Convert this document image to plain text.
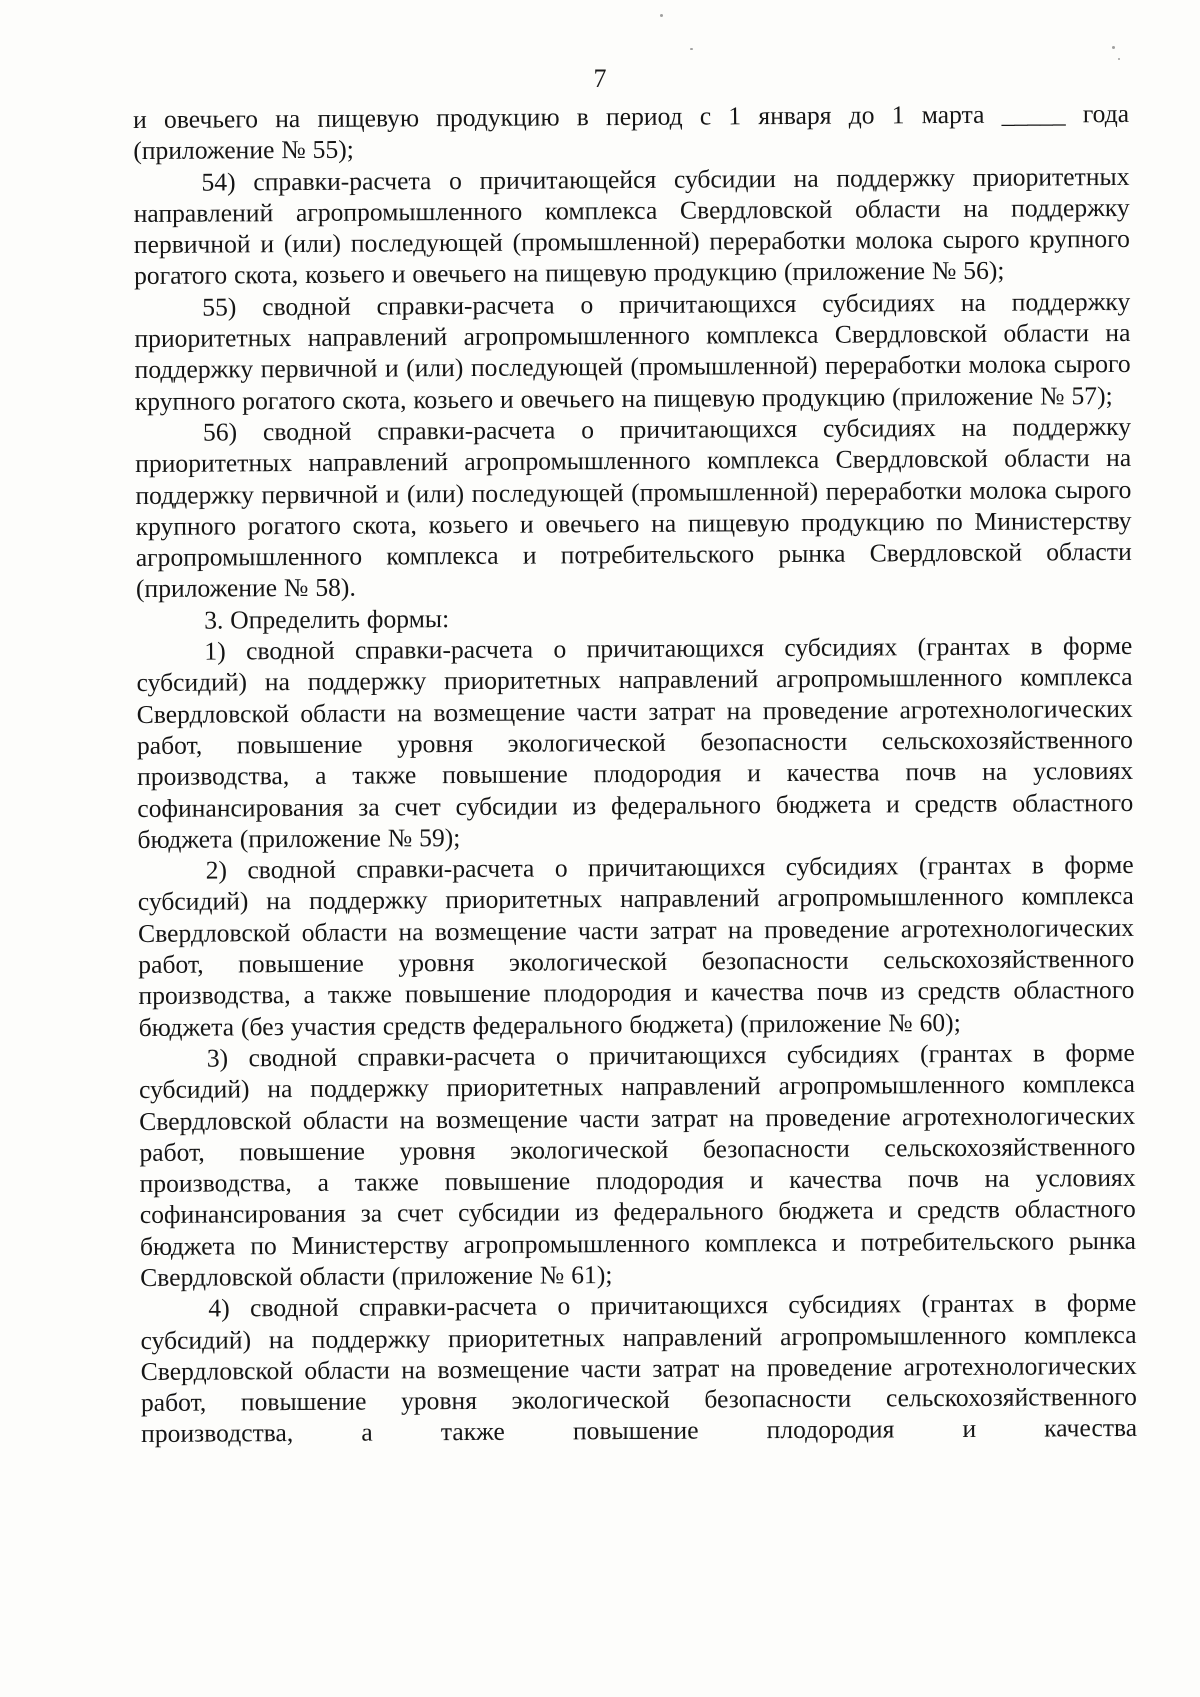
7

и овечьего на пищевую продукцию в период с 1 января до 1 марта _____ года (приложение № 55);

54) справки-расчета о причитающейся субсидии на поддержку приоритетных направлений агропромышленного комплекса Свердловской области на поддержку первичной и (или) последующей (промышленной) переработки молока сырого крупного рогатого скота, козьего и овечьего на пищевую продукцию (приложение № 56);

55) сводной справки-расчета о причитающихся субсидиях на поддержку приоритетных направлений агропромышленного комплекса Свердловской области на поддержку первичной и (или) последующей (промышленной) переработки молока сырого крупного рогатого скота, козьего и овечьего на пищевую продукцию (приложение № 57);

56) сводной справки-расчета о причитающихся субсидиях на поддержку приоритетных направлений агропромышленного комплекса Свердловской области на поддержку первичной и (или) последующей (промышленной) переработки молока сырого крупного рогатого скота, козьего и овечьего на пищевую продукцию по Министерству агропромышленного комплекса и потребительского рынка Свердловской области (приложение № 58).

3. Определить формы:

1) сводной справки-расчета о причитающихся субсидиях (грантах в форме субсидий) на поддержку приоритетных направлений агропромышленного комплекса Свердловской области на возмещение части затрат на проведение агротехнологических работ, повышение уровня экологической безопасности сельскохозяйственного производства, а также повышение плодородия и качества почв на условиях софинансирования за счет субсидии из федерального бюджета и средств областного бюджета (приложение № 59);

2) сводной справки-расчета о причитающихся субсидиях (грантах в форме субсидий) на поддержку приоритетных направлений агропромышленного комплекса Свердловской области на возмещение части затрат на проведение агротехнологических работ, повышение уровня экологической безопасности сельскохозяйственного производства, а также повышение плодородия и качества почв из средств областного бюджета (без участия средств федерального бюджета) (приложение № 60);

3) сводной справки-расчета о причитающихся субсидиях (грантах в форме субсидий) на поддержку приоритетных направлений агропромышленного комплекса Свердловской области на возмещение части затрат на проведение агротехнологических работ, повышение уровня экологической безопасности сельскохозяйственного производства, а также повышение плодородия и качества почв на условиях софинансирования за счет субсидии из федерального бюджета и средств областного бюджета по Министерству агропромышленного комплекса и потребительского рынка Свердловской области (приложение № 61);

4) сводной справки-расчета о причитающихся субсидиях (грантах в форме субсидий) на поддержку приоритетных направлений агропромышленного комплекса Свердловской области на возмещение части затрат на проведение агротехнологических работ, повышение уровня экологической безопасности сельскохозяйственного производства, а также повышение плодородия и качества
